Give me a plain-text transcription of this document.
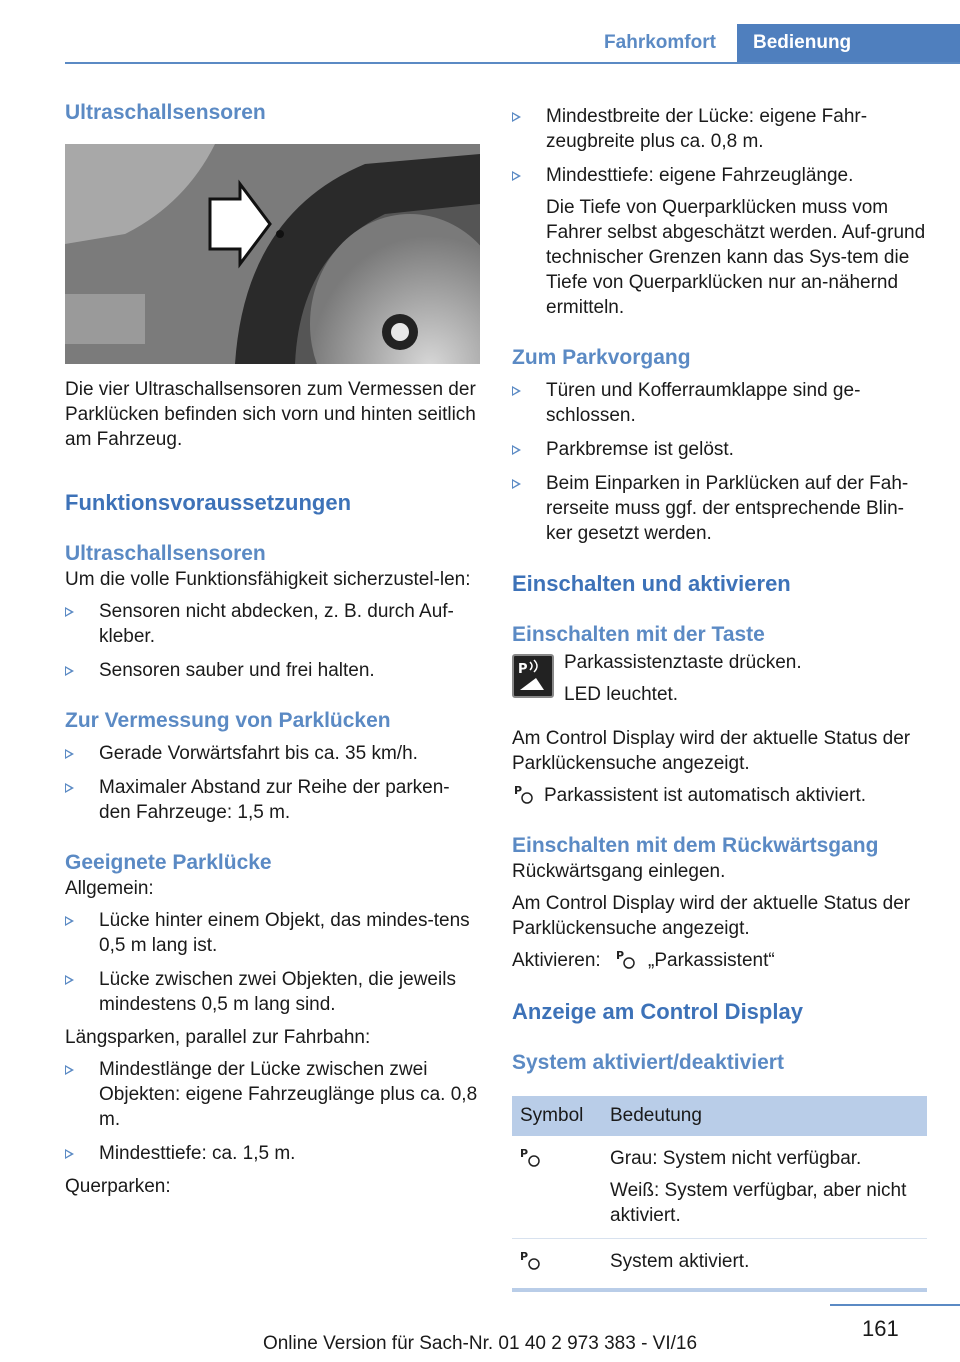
Fahrkomfort	Bedienung
Ultraschallsensoren

Die vier Ultraschallsensoren zum Vermessen der Parklücken befinden sich vorn und hinten seitlich am Fahrzeug.

Funktionsvoraussetzungen
Ultraschallsensoren

Um die volle Funktionsfähigkeit sicherzustel-len:

Sensoren nicht abdecken, z. B. durch Auf-kleber.
Sensoren sauber und frei halten.
Zur Vermessung von Parklücken
Gerade Vorwärtsfahrt bis ca. 35 km/h.
Maximaler Abstand zur Reihe der parken-den Fahrzeuge: 1,5 m.
Geeignete Parklücke

Allgemein:

Lücke hinter einem Objekt, das mindes-tens 0,5 m lang ist.
Lücke zwischen zwei Objekten, die jeweils mindestens 0,5 m lang sind.

Längsparken, parallel zur Fahrbahn:

Mindestlänge der Lücke zwischen zwei Objekten: eigene Fahrzeuglänge plus ca. 0,8 m.
Mindesttiefe: ca. 1,5 m.

Querparken:

Mindestbreite der Lücke: eigene Fahr-zeugbreite plus ca. 0,8 m.
Mindesttiefe: eigene Fahrzeuglänge.

Die Tiefe von Querparklücken muss vom Fahrer selbst abgeschätzt werden. Auf-grund technischer Grenzen kann das Sys-tem die Tiefe von Querparklücken nur an-nähernd ermitteln.

Zum Parkvorgang
Türen und Kofferraumklappe sind ge-schlossen.
Parkbremse ist gelöst.
Beim Einparken in Parklücken auf der Fah-rerseite muss ggf. der entsprechende Blin-ker gesetzt werden.
Einschalten und aktivieren
Einschalten mit der Taste
P Parkassistenztaste drücken.

LED leuchtet.

Am Control Display wird der aktuelle Status der Parklückensuche angezeigt.

P Parkassistent ist automatisch aktiviert.

Einschalten mit dem Rückwärtsgang

Rückwärtsgang einlegen.

Am Control Display wird der aktuelle Status der Parklückensuche angezeigt.

Aktivieren: P „Parkassistent“

Anzeige am Control Display
System aktiviert/deaktiviert
Symbol	Bedeutung

P	Grau: System nicht verfügbar.
Weiß: System verfügbar, aber nicht aktiviert.

P	System aktiviert.
161
Online Version für Sach-Nr. 01 40 2 973 383 - VI/16
